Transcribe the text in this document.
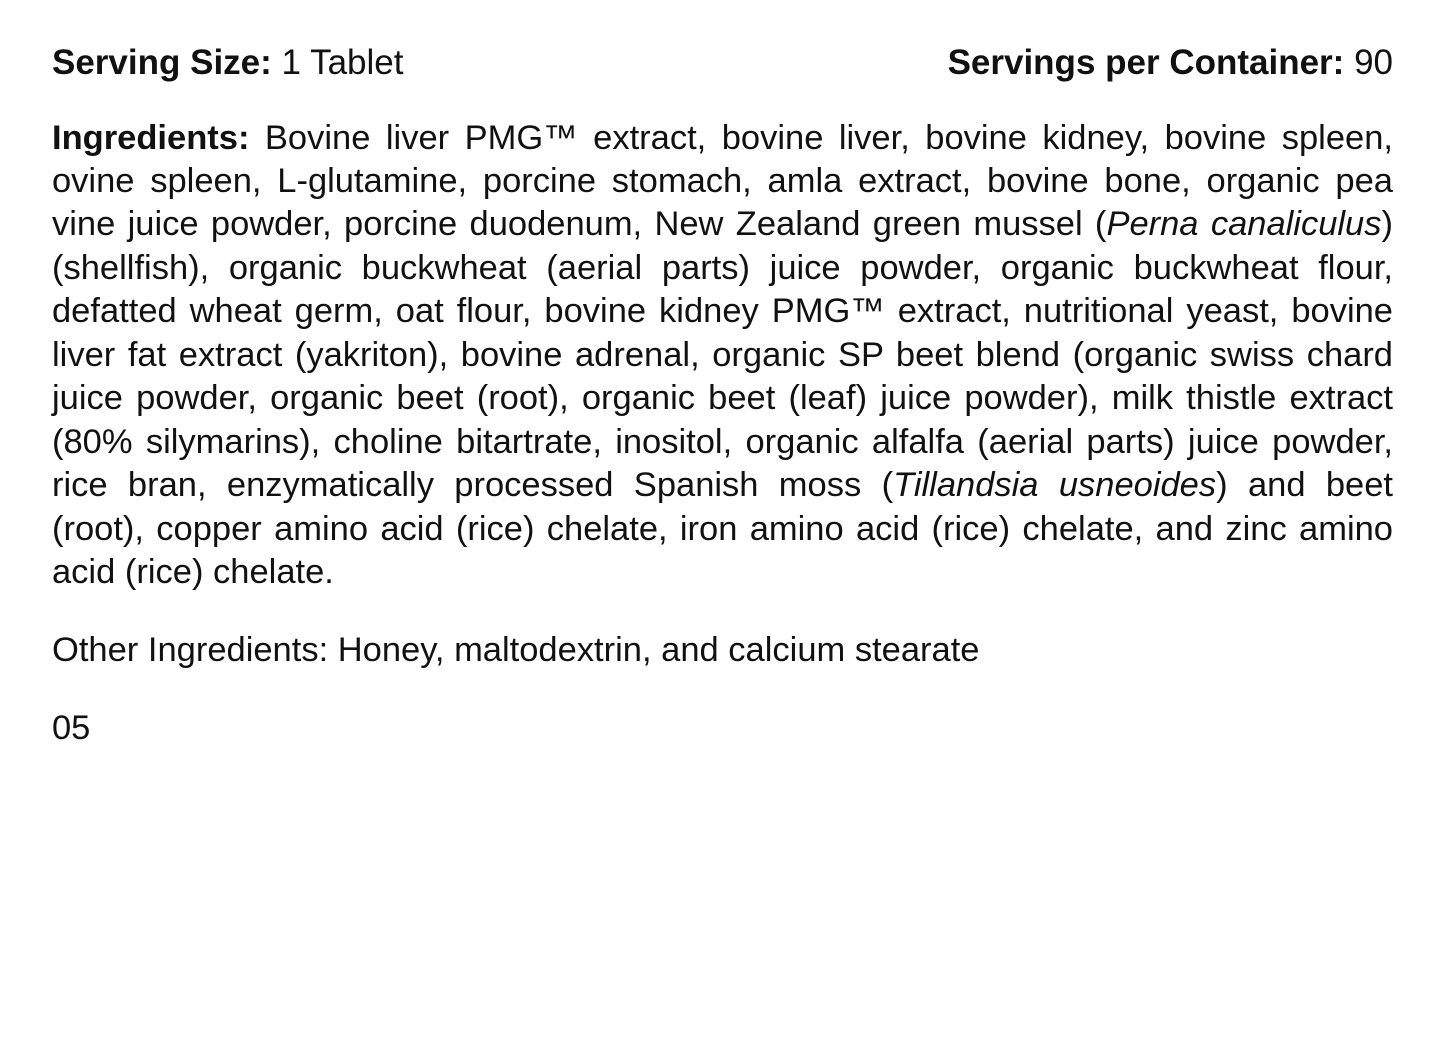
Serving Size: 1 Tablet	Servings per Container: 90

Ingredients: Bovine liver PMG™ extract, bovine liver, bovine kidney, bovine spleen, ovine spleen, L-glutamine, porcine stomach, amla extract, bovine bone, organic pea vine juice powder, porcine duodenum, New Zealand green mussel (Perna canaliculus) (shellfish), organic buckwheat (aerial parts) juice powder, organic buckwheat flour, defatted wheat germ, oat flour, bovine kidney PMG™ extract, nutritional yeast, bovine liver fat extract (yakriton), bovine adrenal, organic SP beet blend (organic swiss chard juice powder, organic beet (root), organic beet (leaf) juice powder), milk thistle extract (80% silymarins), choline bitartrate, inositol, organic alfalfa (aerial parts) juice powder, rice bran, enzymatically processed Spanish moss (Tillandsia usneoides) and beet (root), copper amino acid (rice) chelate, iron amino acid (rice) chelate, and zinc amino acid (rice) chelate.

Other Ingredients: Honey, maltodextrin, and calcium stearate

05
